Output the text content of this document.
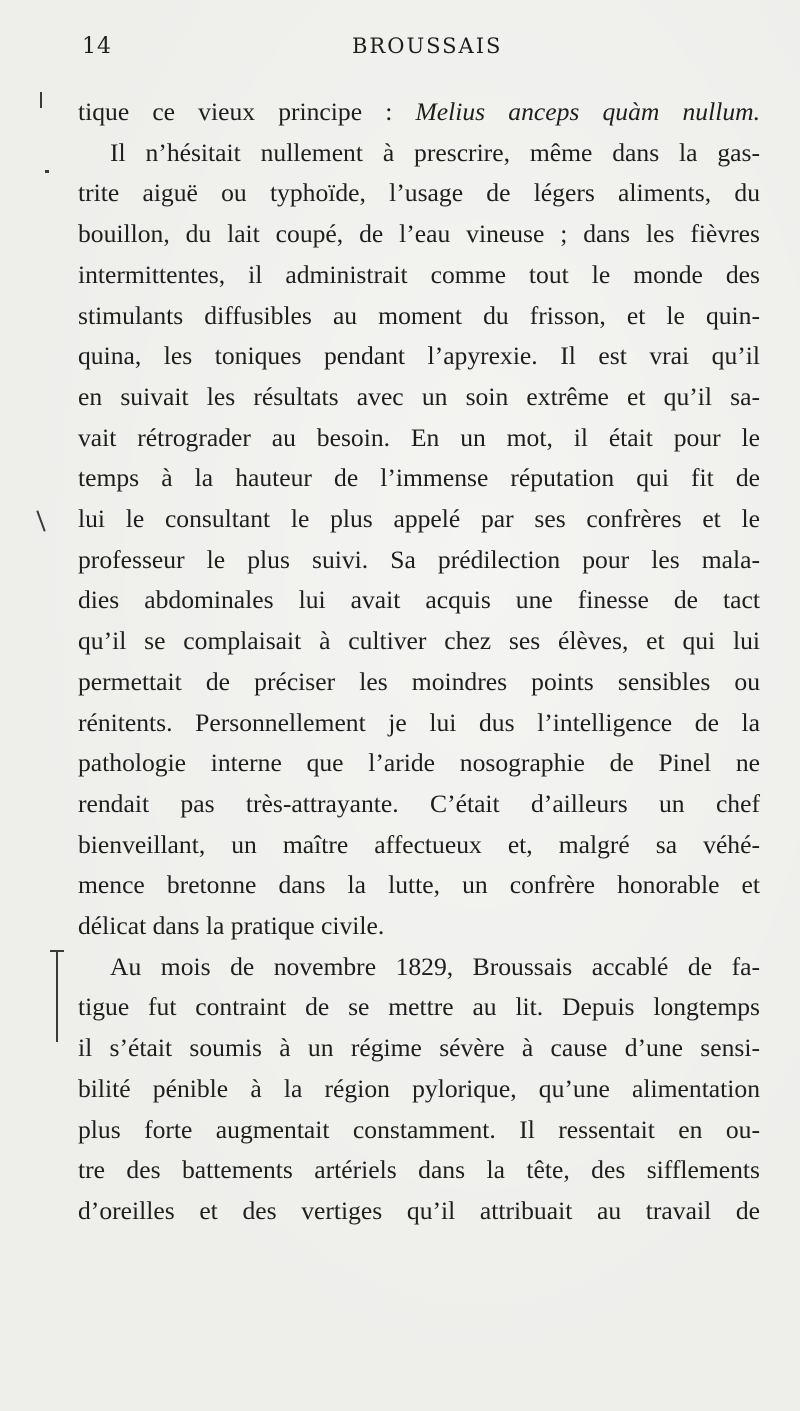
14	BROUSSAIS
tique ce vieux principe : Melius anceps quàm nullum.
Il n’hésitait nullement à prescrire, même dans la gas-
trite aiguë ou typhoïde, l’usage de légers aliments, du
bouillon, du lait coupé, de l’eau vineuse ; dans les fièvres
intermittentes, il administrait comme tout le monde des
stimulants diffusibles au moment du frisson, et le quin-
quina, les toniques pendant l’apyrexie. Il est vrai qu’il
en suivait les résultats avec un soin extrême et qu’il sa-
vait rétrograder au besoin. En un mot, il était pour le
temps à la hauteur de l’immense réputation qui fit de
lui le consultant le plus appelé par ses confrères et le
professeur le plus suivi. Sa prédilection pour les mala-
dies abdominales lui avait acquis une finesse de tact
qu’il se complaisait à cultiver chez ses élèves, et qui lui
permettait de préciser les moindres points sensibles ou
rénitents. Personnellement je lui dus l’intelligence de la
pathologie interne que l’aride nosographie de Pinel ne
rendait pas très-attrayante. C’était d’ailleurs un chef
bienveillant, un maître affectueux et, malgré sa véhé-
mence bretonne dans la lutte, un confrère honorable et
délicat dans la pratique civile.
Au mois de novembre 1829, Broussais accablé de fa-
tigue fut contraint de se mettre au lit. Depuis longtemps
il s’était soumis à un régime sévère à cause d’une sensi-
bilité pénible à la région pylorique, qu’une alimentation
plus forte augmentait constamment. Il ressentait en ou-
tre des battements artériels dans la tête, des sifflements
d’oreilles et des vertiges qu’il attribuait au travail de
